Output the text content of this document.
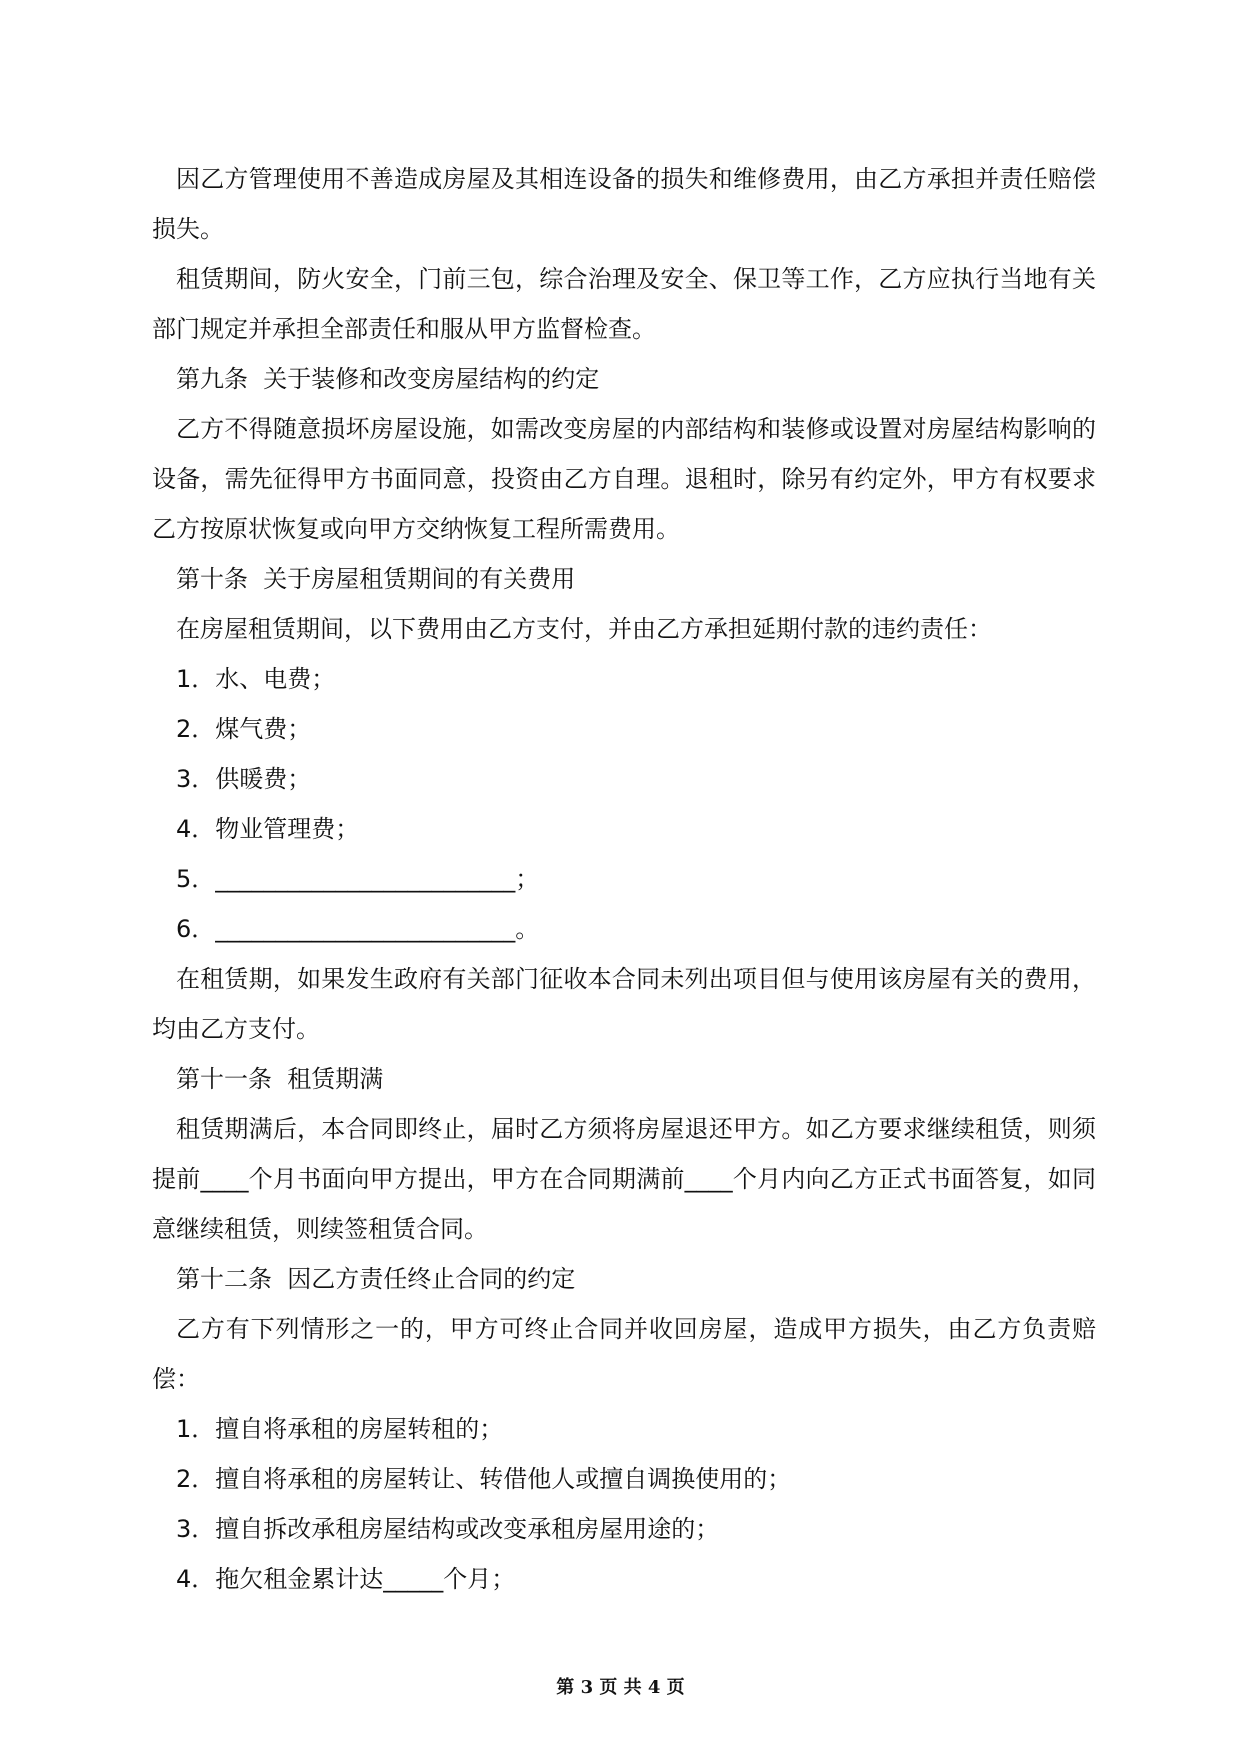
因乙方管理使用不善造成房屋及其相连设备的损失和维修费用，由乙方承担并责任赔偿损失。

租赁期间，防火安全，门前三包，综合治理及安全、保卫等工作，乙方应执行当地有关部门规定并承担全部责任和服从甲方监督检查。

第九条  关于装修和改变房屋结构的约定

乙方不得随意损坏房屋设施，如需改变房屋的内部结构和装修或设置对房屋结构影响的设备，需先征得甲方书面同意，投资由乙方自理。退租时，除另有约定外，甲方有权要求乙方按原状恢复或向甲方交纳恢复工程所需费用。

第十条  关于房屋租赁期间的有关费用

在房屋租赁期间，以下费用由乙方支付，并由乙方承担延期付款的违约责任：

1．水、电费；

2．煤气费；

3．供暖费；

4．物业管理费；

5．_________________________；

6．_________________________。

在租赁期，如果发生政府有关部门征收本合同未列出项目但与使用该房屋有关的费用，均由乙方支付。

第十一条  租赁期满

租赁期满后，本合同即终止，届时乙方须将房屋退还甲方。如乙方要求继续租赁，则须提前____个月书面向甲方提出，甲方在合同期满前____个月内向乙方正式书面答复，如同意继续租赁，则续签租赁合同。

第十二条  因乙方责任终止合同的约定

乙方有下列情形之一的，甲方可终止合同并收回房屋，造成甲方损失，由乙方负责赔偿：

1．擅自将承租的房屋转租的；

2．擅自将承租的房屋转让、转借他人或擅自调换使用的；

3．擅自拆改承租房屋结构或改变承租房屋用途的；

4．拖欠租金累计达_____个月；

第 3 页 共 4 页
